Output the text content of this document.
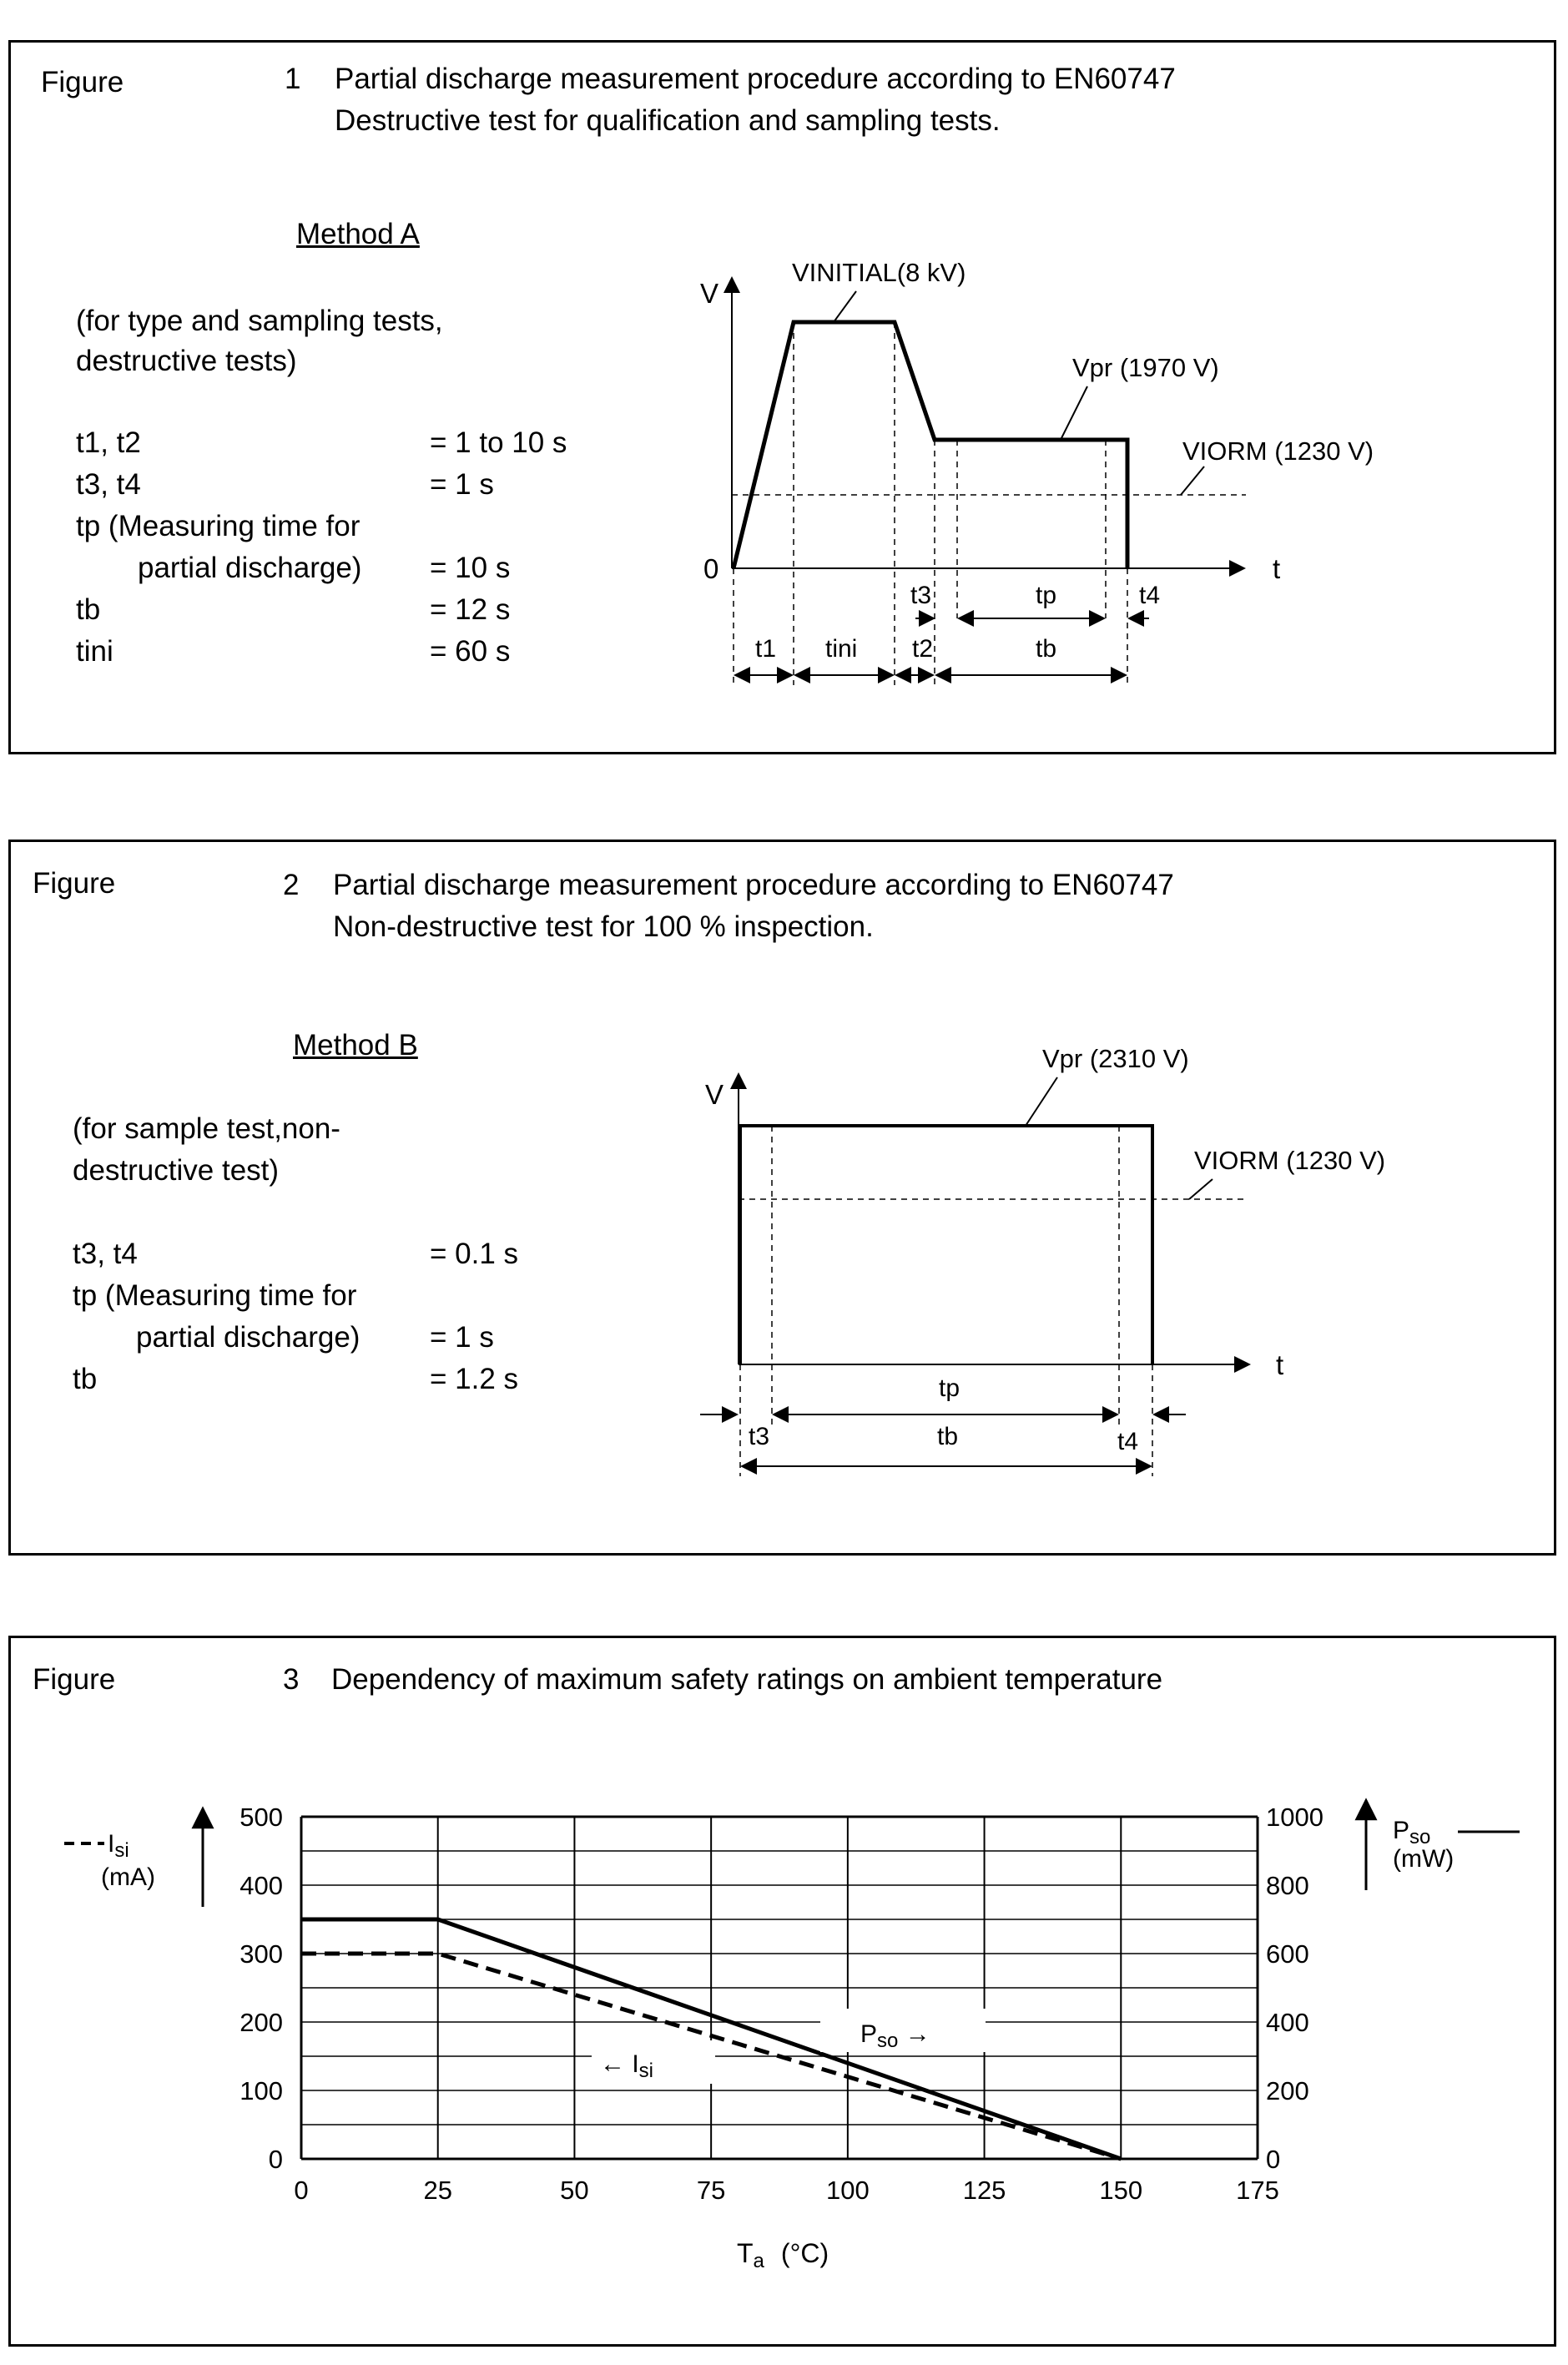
Figure	1 Partial discharge measurement procedure according to EN60747
Destructive test for qualification and sampling tests.
Method A
(for type and sampling tests,
destructive tests)
t1, t2	= 1 to 10 s
t3, t4	= 1 s
tp (Measuring time for
partial discharge) = 10 s
tb	= 12 s
tini	= 60 s
V
t
0
VINITIAL(8 kV)
Vpr (1970 V)
VIORM (1230 V)
t3	tp	t4
t1 tini t2	tb
Figure	2 Partial discharge measurement procedure according to EN60747
Non-destructive test for 100 % inspection.
Method B
(for sample test,non-
destructive test)
t3, t4	= 0.1 s
tp (Measuring time for
partial discharge) = 1 s
tb	= 1.2 s
V
t
Vpr (2310 V)
VIORM (1230 V)
tp
t3	tb	t4
Figure	3 Dependency of maximum safety ratings on ambient temperature
0	25	50	75	100	125	150	175
0
100
200
300
400
500
0
200
400
600
800
1000
$I_{si}$
(mA)
$P_{so}$
(mW)
$P_{so}$ →
← $I_{si}$
Ta (°C)
